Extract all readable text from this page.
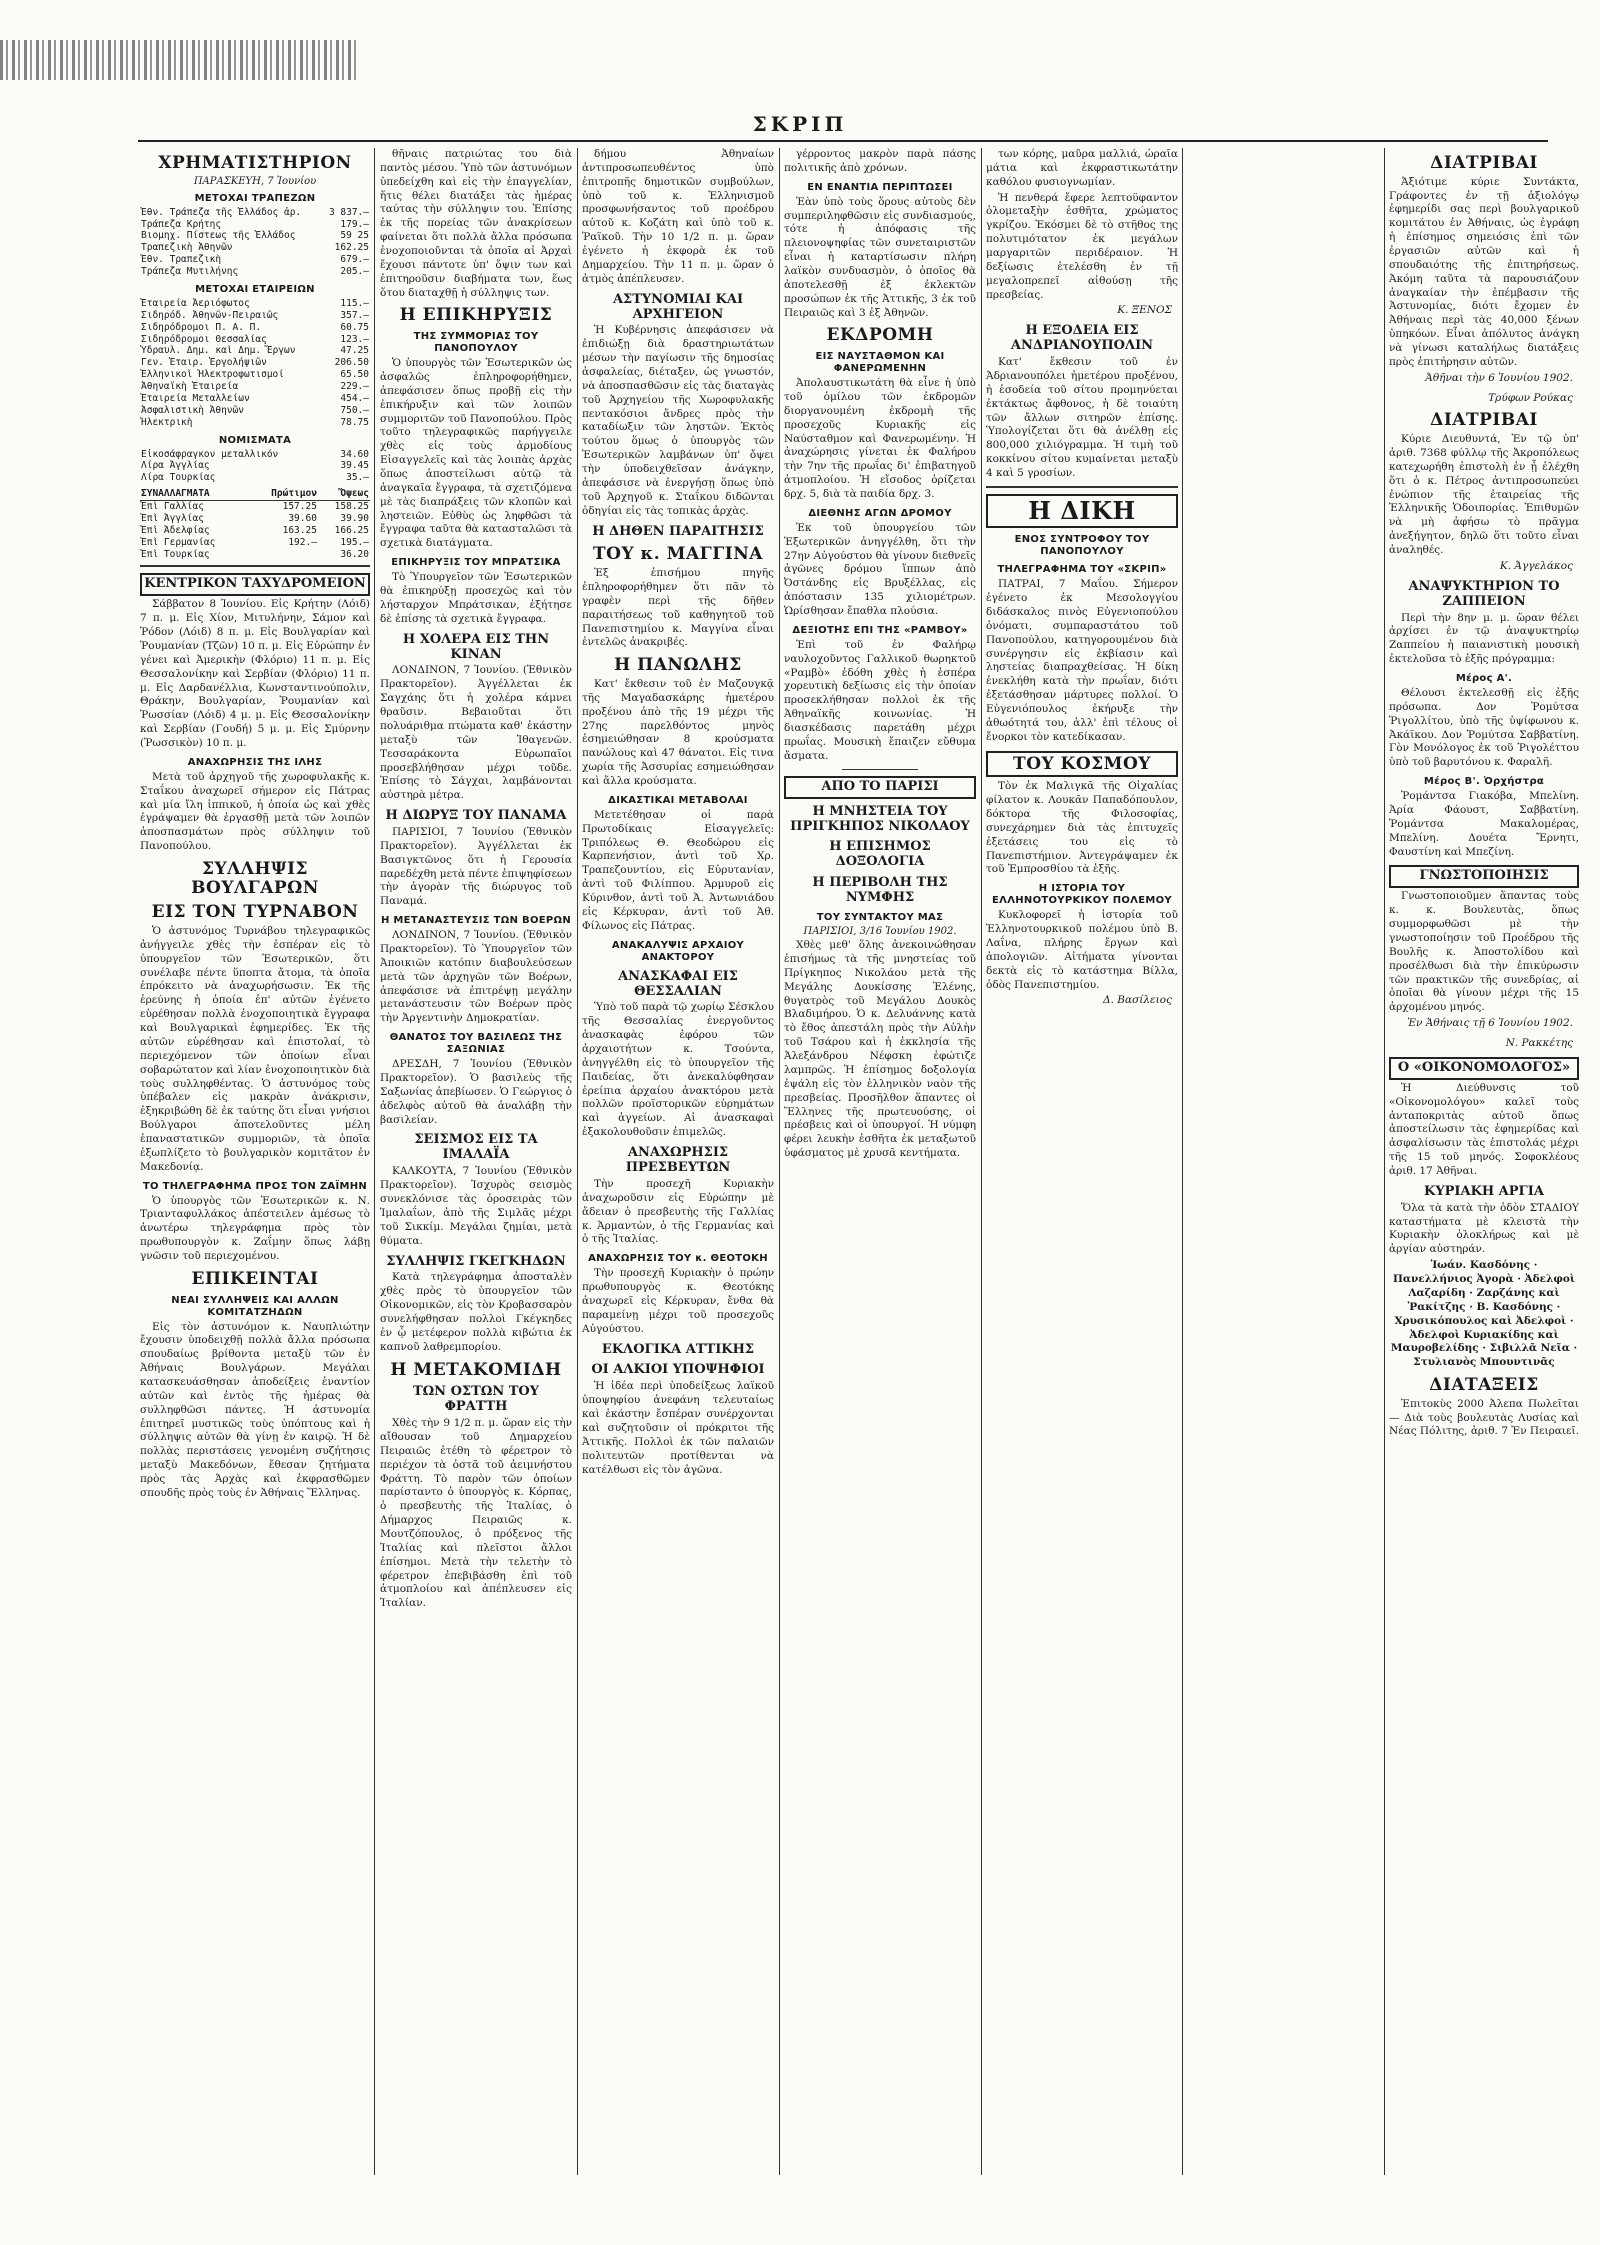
ΣΚΡΙΠ
ΧΡΗΜΑΤΙΣΤΗΡΙΟΝ
ΠΑΡΑΣΚΕΥΗ, 7 Ἰουνίου
ΜΕΤΟΧΑΙ ΤΡΑΠΕΖΩΝ
Ἐθν. Τράπεζα τῆς Ἑλλάδος ἀρ.	3 837.—
Τράπεζα Κρήτης	179.—
Βιομηχ. Πίστεως τῆς Ἑλλάδος	59 25
Τραπεζικὴ Ἀθηνῶν	162.25
Ἐθν. Τραπεζικὴ	679.—
Τράπεζα Μυτιλήνης	205.—
ΜΕΤΟΧΑΙ ΕΤΑΙΡΕΙΩΝ
Ἐταιρεία Ἀεριόφωτος	115.—
Σιδηρόδ. Ἀθηνῶν-Πειραιῶς	357.—
Σιδηρόδρομοι Π. Α. Π.	60.75
Σιδηρόδρομοι Θεσσαλίας	123.—
Ὑδραυλ. Δημ. καὶ Δημ. Ἔργων	47.25
Γεν. Ἑταιρ. Ἐργολήψιῶν	206.50
Ἑλληνικοὶ Ἠλεκτροφωτισμοί	65.50
Ἀθηναϊκὴ Ἐταιρεία	229.—
Ἐταιρεία Μεταλλείων	454.—
Ἀσφαλιστικὴ Ἀθηνῶν	750.—
Ἠλεκτρικὴ	78.75
ΝΟΜΙΣΜΑΤΑ
Εἰκοσάφραγκον μεταλλικόν	34.60
Λίρα Ἀγγλίας	39.45
Λίρα Τουρκίας	35.—
ΣΥΝΑΛΛΑΓΜΑΤΑ	Πρώτιμον	Ὄψεως
Ἐπὶ Γαλλίας	157.25	158.25
Ἐπὶ Ἀγγλίας	39.60	39.90
Ἐπὶ Ἀδελφίας	163.25	166.25
Ἐπὶ Γερμανίας	192.—	195.—
Ἐπὶ Τουρκίας		36.20
ΚΕΝΤΡΙΚΟΝ ΤΑΧΥΔΡΟΜΕΙΟΝ

Σάββατον 8 Ἰουνίου. Εἰς Κρήτην (Λόιδ) 7 π. μ. Εἰς Χίον, Μιτυλήνην, Σάμον καὶ Ῥόδον (Λόιδ) 8 π. μ. Εἰς Βουλγαρίαν καὶ Ῥουμανίαν (Τζῶν) 10 π. μ. Εἰς Εὐρώπην ἐν γένει καὶ Ἀμερικὴν (Φλόριο) 11 π. μ. Εἰς Θεσσαλονίκην καὶ Σερβίαν (Φλόριο) 11 π. μ. Εἰς Δαρδανέλλια, Κωνσταντινούπολιν, Θράκην, Βουλγαρίαν, Ῥουμανίαν καὶ Ῥωσσίαν (Λόιδ) 4 μ. μ. Εἰς Θεσσαλονίκην καὶ Σερβίαν (Γουδή) 5 μ. μ. Εἰς Σμύρνην (Ῥωσσικὸν) 10 π. μ.

ΑΝΑΧΩΡΗΣΙΣ ΤΗΣ ΙΛΗΣ

Μετὰ τοῦ ἀρχηγοῦ τῆς χωροφυλακῆς κ. Σταΐκου ἀναχωρεῖ σήμερον εἰς Πάτρας καὶ μία ἴλη ἱππικοῦ, ἡ ὁποία ὡς καὶ χθὲς ἐγράψαμεν θὰ ἐργασθῇ μετὰ τῶν λοιπῶν ἀποσπασμάτων πρὸς σύλληψιν τοῦ Πανοπούλου.

ΣΥΛΛΗΨΙΣ ΒΟΥΛΓΑΡΩΝ
ΕΙΣ ΤΟΝ ΤΥΡΝΑΒΟΝ

Ὁ ἀστυνόμος Τυρνάβου τηλεγραφικῶς ἀνήγγειλε χθὲς τὴν ἑσπέραν εἰς τὸ ὑπουργεῖον τῶν Ἐσωτερικῶν, ὅτι συνέλαβε πέντε ὕποπτα ἄτομα, τὰ ὁποῖα ἐπρόκειτο νὰ ἀναχωρήσωσιν. Ἐκ τῆς ἐρεύνης ἡ ὁποία ἐπ' αὐτῶν ἐγένετο εὑρέθησαν πολλὰ ἐνοχοποιητικὰ ἔγγραφα καὶ Βουλγαρικαὶ ἐφημερίδες. Ἐκ τῆς αὐτῶν εὑρέθησαν καὶ ἐπιστολαί, τὸ περιεχόμενον τῶν ὁποίων εἶναι σοβαρώτατον καὶ λίαν ἐνοχοποιητικὸν διὰ τοὺς συλληφθέντας. Ὁ ἀστυνόμος τοὺς ὑπέβαλεν εἰς μακρὰν ἀνάκρισιν, ἐξηκριβώθη δὲ ἐκ ταύτης ὅτι εἶναι γνήσιοι Βούλγαροι ἀποτελοῦντες μέλη ἐπαναστατικῶν συμμοριῶν, τὰ ὁποῖα ἐξωπλίζετο τὸ βουλγαρικὸν κομιτᾶτον ἐν Μακεδονίᾳ.

ΤΟ ΤΗΛΕΓΡΑΦΗΜΑ ΠΡΟΣ ΤΟΝ ΖΑΪΜΗΝ

Ὁ ὑπουργὸς τῶν Ἐσωτερικῶν κ. Ν. Τριανταφυλλάκος ἀπέστειλεν ἀμέσως τὸ ἀνωτέρω τηλεγράφημα πρὸς τὸν πρωθυπουργὸν κ. Ζαΐμην ὅπως λάβῃ γνῶσιν τοῦ περιεχομένου.

ΕΠΙΚΕΙΝΤΑΙ
ΝΕΑΙ ΣΥΛΛΗΨΕΙΣ ΚΑΙ ΑΛΛΩΝ ΚΟΜΙΤΑΤΖΗΔΩΝ

Εἰς τὸν ἀστυνόμον κ. Ναυπλιώτην ἔχουσιν ὑποδειχθῇ πολλὰ ἄλλα πρόσωπα σπουδαίως βρίθοντα μεταξὺ τῶν ἐν Ἀθήναις Βουλγάρων. Μεγάλαι κατασκευάσθησαν ἀποδείξεις ἐναντίον αὐτῶν καὶ ἐντὸς τῆς ἡμέρας θὰ συλληφθῶσι πάντες. Ἡ ἀστυνομία ἐπιτηρεῖ μυστικῶς τοὺς ὑπόπτους καὶ ἡ σύλληψις αὐτῶν θὰ γίνῃ ἐν καιρῷ. Ἡ δὲ πολλὰς περιστάσεις γενομένη συζήτησις μεταξὺ Μακεδόνων, ἔθεσαν ζητήματα πρὸς τὰς Ἀρχὰς καὶ ἐκφρασθῶμεν σπουδῆς πρὸς τοὺς ἐν Ἀθήναις Ἕλληνας.

θῆναις πατριώτας του διὰ παντὸς μέσου. Ὑπὸ τῶν ἀστυνόμων ὑπεδείχθη καὶ εἰς τὴν ἐπαγγελίαν, ἥτις θέλει διατάξει τὰς ἡμέρας ταύτας τὴν σύλληψιν του. Ἐπίσης ἐκ τῆς πορείας τῶν ἀνακρίσεων φαίνεται ὅτι πολλὰ ἄλλα πρόσωπα ἐνοχοποιοῦνται τὰ ὁποῖα αἱ Ἀρχαὶ ἔχουσι πάντοτε ὑπ' ὄψιν των καὶ ἐπιτηροῦσιν διαβήματα των, ἕως ὅτου διαταχθῇ ἡ σύλληψις των.

Η ΕΠΙΚΗΡΥΞΙΣ
ΤΗΣ ΣΥΜΜΟΡΙΑΣ ΤΟΥ ΠΑΝΟΠΟΥΛΟΥ

Ὁ ὑπουργὸς τῶν Ἐσωτερικῶν ὡς ἀσφαλῶς ἐπληροφορήθημεν, ἀπεφάσισεν ὅπως προβῇ εἰς τὴν ἐπικήρυξιν καὶ τῶν λοιπῶν συμμοριτῶν τοῦ Πανοπούλου. Πρὸς τοῦτο τηλεγραφικῶς παρήγγειλε χθὲς εἰς τοὺς ἀρμοδίους Εἰσαγγελεῖς καὶ τὰς λοιπὰς ἀρχὰς ὅπως ἀποστείλωσι αὐτῷ τὰ ἀναγκαῖα ἔγγραφα, τὰ σχετιζόμενα μὲ τὰς διαπράξεις τῶν κλοπῶν καὶ ληστειῶν. Εὐθὺς ὡς ληφθῶσι τὰ ἔγγραφα ταῦτα θὰ κατασταλῶσι τὰ σχετικὰ διατάγματα.

ΕΠΙΚΗΡΥΞΙΣ ΤΟΥ ΜΠΡΑΤΣΙΚΑ

Τὸ Ὑπουργεῖον τῶν Ἐσωτερικῶν θὰ ἐπικηρύξῃ προσεχῶς καὶ τὸν λήσταρχον Μπράτσικαν, ἐξήτησε δὲ ἐπίσης τὰ σχετικὰ ἔγγραφα.

Η ΧΟΛΕΡΑ ΕΙΣ ΤΗΝ ΚΙΝΑΝ

ΛΟΝΔΙΝΟΝ, 7 Ἰουνίου. (Ἐθνικὸν Πρακτορεῖον). Ἀγγέλλεται ἐκ Σαγχάης ὅτι ἡ χολέρα κάμνει θραῦσιν. Βεβαιοῦται ὅτι πολυάριθμα πτώματα καθ' ἑκάστην μεταξὺ τῶν Ἰθαγενῶν. Τεσσαράκοντα Εὐρωπαῖοι προσεβλήθησαν μέχρι τοῦδε. Ἐπίσης τὸ Σάγχαι, λαμβάνονται αὐστηρὰ μέτρα.

Η ΔΙΩΡΥΞ ΤΟΥ ΠΑΝΑΜΑ

ΠΑΡΙΣΙΟΙ, 7 Ἰουνίου (Ἐθνικὸν Πρακτορεῖον). Ἀγγέλλεται ἐκ Βασιγκτῶνος ὅτι ἡ Γερουσία παρεδέχθη μετὰ πέντε ἐπιψηφίσεων τὴν ἀγορὰν τῆς διώρυγος τοῦ Παναμά.

Η ΜΕΤΑΝΑΣΤΕΥΣΙΣ ΤΩΝ ΒΟΕΡΩΝ

ΛΟΝΔΙΝΟΝ, 7 Ἰουνίου. (Ἐθνικὸν Πρακτορεῖον). Τὸ Ὑπουργεῖον τῶν Ἀποικιῶν κατόπιν διαβουλεύσεων μετὰ τῶν ἀρχηγῶν τῶν Βοέρων, ἀπεφάσισε νὰ ἐπιτρέψῃ μεγάλην μετανάστευσιν τῶν Βοέρων πρὸς τὴν Ἀργεντινὴν Δημοκρατίαν.

ΘΑΝΑΤΟΣ ΤΟΥ ΒΑΣΙΛΕΩΣ ΤΗΣ ΣΑΞΩΝΙΑΣ

ΔΡΕΣΔΗ, 7 Ἰουνίου (Ἐθνικὸν Πρακτορεῖον). Ὁ βασιλεὺς τῆς Σαξωνίας ἀπεβίωσεν. Ὁ Γεώργιος ὁ ἀδελφὸς αὐτοῦ θὰ ἀναλάβῃ τὴν βασιλείαν.

ΣΕΙΣΜΟΣ ΕΙΣ ΤΑ ΙΜΑΛΑΪΑ

ΚΑΛΚΟΥΤΑ, 7 Ἰουνίου (Ἐθνικὸν Πρακτορεῖον). Ἰσχυρὸς σεισμὸς συνεκλόνισε τὰς ὀροσειρὰς τῶν Ἱμαλαΐων, ἀπὸ τῆς Σιμλᾶς μέχρι τοῦ Σικκίμ. Μεγάλαι ζημίαι, μετὰ θύματα.

ΣΥΛΛΗΨΙΣ ΓΚΕΓΚΗΔΩΝ

Κατὰ τηλεγράφημα ἀποσταλὲν χθὲς πρὸς τὸ ὑπουργεῖον τῶν Οἰκονομικῶν, εἰς τὸν Κροβασσαρὸν συνελήφθησαν πολλοὶ Γκέγκηδες ἐν ᾧ μετέφερον πολλὰ κιβώτια ἐκ καπνοῦ λαθρεμπορίου.

Η ΜΕΤΑΚΟΜΙΔΗ
ΤΩΝ ΟΣΤΩΝ ΤΟΥ ΦΡΑΤΤΗ

Χθὲς τὴν 9 1/2 π. μ. ὥραν εἰς τὴν αἴθουσαν τοῦ Δημαρχείου Πειραιῶς ἐτέθη τὸ φέρετρον τὸ περιέχον τὰ ὀστᾶ τοῦ ἀειμνήστου Φράττη. Τὸ παρὸν τῶν ὁποίων παρίσταντο ὁ ὑπουργὸς κ. Κόρπας, ὁ πρεσβευτὴς τῆς Ἰταλίας, ὁ Δήμαρχος Πειραιῶς κ. Μουτζόπουλος, ὁ πρόξενος τῆς Ἰταλίας καὶ πλεῖστοι ἄλλοι ἐπίσημοι. Μετὰ τὴν τελετὴν τὸ φέρετρον ἐπεβιβάσθη ἐπὶ τοῦ ἀτμοπλοίου καὶ ἀπέπλευσεν εἰς Ἰταλίαν.

δήμου Ἀθηναίων ἀντιπροσωπευθέντος ὑπὸ ἐπιτροπῆς δημοτικῶν συμβούλων, ὑπὸ τοῦ κ. Ἑλληνισμοῦ προσφωνήσαντος τοῦ προέδρου αὐτοῦ κ. Κοζάτη καὶ ὑπὸ τοῦ κ. Ῥαϊκοῦ. Τὴν 10 1/2 π. μ. ὥραν ἐγένετο ἡ ἐκφορὰ ἐκ τοῦ Δημαρχείου. Τὴν 11 π. μ. ὥραν ὁ ἀτμὸς ἀπέπλευσεν.

ΑΣΤΥΝΟΜΙΑΙ ΚΑΙ ΑΡΧΗΓΕΙΟΝ

Ἡ Κυβέρνησις ἀπεφάσισεν νὰ ἐπιδιώξῃ διὰ δραστηριωτάτων μέσων τὴν παγίωσιν τῆς δημοσίας ἀσφαλείας, διέταξεν, ὡς γνωστόν, νὰ ἀποσπασθῶσιν εἰς τὰς διαταγὰς τοῦ Ἀρχηγείου τῆς Χωροφυλακῆς πεντακόσιοι ἄνδρες πρὸς τὴν καταδίωξιν τῶν ληστῶν. Ἐκτὸς τούτου ὅμως ὁ ὑπουργὸς τῶν Ἐσωτερικῶν λαμβάνων ὑπ' ὄψει τὴν ὑποδειχθεῖσαν ἀνάγκην, ἀπεφάσισε νὰ ἐνεργήσῃ ὅπως ὑπὸ τοῦ Ἀρχηγοῦ κ. Σταΐκου διδῶνται ὁδηγίαι εἰς τὰς τοπικὰς ἀρχὰς.

Η ΔΗΘΕΝ ΠΑΡΑΙΤΗΣΙΣ
ΤΟΥ κ. ΜΑΓΓΙΝΑ

Ἐξ ἐπισήμου πηγῆς ἐπληροφορήθημεν ὅτι πᾶν τὸ γραφὲν περὶ τῆς δῆθεν παραιτήσεως τοῦ καθηγητοῦ τοῦ Πανεπιστημίου κ. Μαγγίνα εἶναι ἐντελῶς ἀνακριβές.

Η ΠΑΝΩΛΗΣ

Κατ' ἔκθεσιν τοῦ ἐν Μαζουγκᾷ τῆς Μαγαδασκάρης ἡμετέρου προξένου ἀπὸ τῆς 19 μέχρι τῆς 27ης παρελθόντος μηνὸς ἐσημειώθησαν 8 κρούσματα πανώλους καὶ 47 θάνατοι. Εἰς τινα χωρία τῆς Ἀσσυρίας εσημειώθησαν καὶ ἄλλα κρούσματα.

ΔΙΚΑΣΤΙΚΑΙ ΜΕΤΑΒΟΛΑΙ

Μετετέθησαν οἱ παρὰ Πρωτοδίκαις Εἰσαγγελεῖς: Τριπόλεως Θ. Θεοδώρου εἰς Καρπενήσιον, ἀντὶ τοῦ Χρ. Τραπεζουντίου, εἰς Εὐρυτανίαν, ἀντὶ τοῦ Φιλίππου. Ἀρμυροῦ εἰς Κύρινθον, ἀντὶ τοῦ Ἀ. Ἀντωνιάδου εἰς Κέρκυραν, ἀντὶ τοῦ Ἀθ. Φίλωνος εἰς Πάτρας.

ΑΝΑΚΑΛΥΨΙΣ ΑΡΧΑΙΟΥ ΑΝΑΚΤΟΡΟΥ
ΑΝΑΣΚΑΦΑΙ ΕΙΣ ΘΕΣΣΑΛΙΑΝ

Ὑπὸ τοῦ παρὰ τῷ χωρίῳ Σέσκλου τῆς Θεσσαλίας ἐνεργοῦντος ἀνασκαφὰς ἐφόρου τῶν ἀρχαιοτήτων κ. Τσούντα, ἀνηγγέλθη εἰς τὸ ὑπουργεῖον τῆς Παιδείας, ὅτι ἀνεκαλύφθησαν ἐρείπια ἀρχαίου ἀνακτόρου μετὰ πολλῶν προϊστορικῶν εὑρημάτων καὶ ἀγγείων. Αἱ ἀνασκαφαὶ ἐξακολουθοῦσιν ἐπιμελῶς.

ΑΝΑΧΩΡΗΣΙΣ ΠΡΕΣΒΕΥΤΩΝ

Τὴν προσεχῆ Κυριακὴν ἀναχωροῦσιν εἰς Εὐρώπην μὲ ἄδειαν ὁ πρεσβευτὴς τῆς Γαλλίας κ. Ἀρμαντὼν, ὁ τῆς Γερμανίας καὶ ὁ τῆς Ἰταλίας.

ΑΝΑΧΩΡΗΣΙΣ ΤΟΥ κ. ΘΕΟΤΟΚΗ

Τὴν προσεχῆ Κυριακὴν ὁ πρώην πρωθυπουργὸς κ. Θεοτόκης ἀναχωρεῖ εἰς Κέρκυραν, ἔνθα θὰ παραμείνῃ μέχρι τοῦ προσεχοῦς Αὐγούστου.

ΕΚΛΟΓΙΚΑ ΑΤΤΙΚΗΣ
ΟΙ ΑΛΚΙΟΙ ΥΠΟΨΗΦΙΟΙ

Ἡ ἰδέα περὶ ὑποδείξεως λαϊκοῦ ὑποψηφίου ἀνεφάνη τελευταίως καὶ ἑκάστην ἔσπέραν συνέρχονται καὶ συζητοῦσιν οἱ πρόκριτοι τῆς Ἀττικῆς. Πολλοὶ ἐκ τῶν παλαιῶν πολιτευτῶν προτίθενται νὰ κατέλθωσι εἰς τὸν ἀγῶνα.

γέρροντος μακρὸν παρὰ πάσης πολιτικῆς ἀπὸ χρόνων.

ΕΝ ΕΝΑΝΤΙΑ ΠΕΡΙΠΤΩΣΕΙ

Ἐὰν ὑπὸ τοὺς ὅρους αὐτοὺς δὲν συμπεριληφθῶσιν εἰς συνδιασμούς, τότε ἡ ἀπόφασις τῆς πλειονοψηφίας τῶν συνεταιριστῶν εἶναι ἡ καταρτίσωσιν πλήρη λαϊκὸν συνδυασμὸν, ὁ ὁποῖος θὰ ἀποτελεσθῇ ἐξ ἐκλεκτῶν προσώπων ἐκ τῆς Ἀττικῆς, 3 ἐκ τοῦ Πειραιῶς καὶ 3 ἐξ Ἀθηνῶν.

ΕΚΔΡΟΜΗ
ΕΙΣ ΝΑΥΣΤΑΘΜΟΝ ΚΑΙ ΦΑΝΕΡΩΜΕΝΗΝ

Ἀπολαυστικωτάτη θὰ εἶνε ἡ ὑπὸ τοῦ ὁμίλου τῶν ἐκδρομῶν διοργανουμένη ἐκδρομὴ τῆς προσεχοῦς Κυριακῆς εἰς Ναύσταθμον καὶ Φανερωμένην. Ἡ ἀναχώρησις γίνεται ἐκ Φαλήρου τὴν 7ην τῆς πρωΐας δι' ἐπιβατηγοῦ ἀτμοπλοίου. Ἡ εἴσοδος ὁρίζεται δρχ. 5, διὰ τὰ παιδία δρχ. 3.

ΔΙΕΘΝΗΣ ΑΓΩΝ ΔΡΟΜΟΥ

Ἐκ τοῦ ὑπουργείου τῶν Ἐξωτερικῶν ἀνηγγέλθη, ὅτι τὴν 27ην Αὐγούστου θὰ γίνουν διεθνεῖς ἀγῶνες δρόμου ἵππων ἀπὸ Ὀστάνδης εἰς Βρυξέλλας, εἰς ἀπόστασιν 135 χιλιομέτρων. Ὡρίσθησαν ἔπαθλα πλούσια.

ΔΕΞΙΟΤΗΣ ΕΠΙ ΤΗΣ «ΡΑΜΒΟΥ»

Ἐπὶ τοῦ ἐν Φαλήρῳ ναυλοχοῦντος Γαλλικοῦ θωρηκτοῦ «Ραμβὸ» ἐδόθη χθὲς ἡ ἑσπέρα χορευτικὴ δεξίωσις εἰς τὴν ὁποίαν προσεκλήθησαν πολλοὶ ἐκ τῆς Ἀθηναϊκῆς κοινωνίας. Ἡ διασκέδασις παρετάθη μέχρι πρωΐας. Μουσικὴ ἔπαιζεν εὔθυμα ἄσματα.

ΑΠΟ ΤΟ ΠΑΡΙΣΙ
Η ΜΝΗΣΤΕΙΑ ΤΟΥ ΠΡΙΓΚΗΠΟΣ ΝΙΚΟΛΑΟΥ
Η ΕΠΙΣΗΜΟΣ ΔΟΞΟΛΟΓΙΑ
Η ΠΕΡΙΒΟΛΗ ΤΗΣ ΝΥΜΦΗΣ
ΤΟΥ ΣΥΝΤΑΚΤΟΥ ΜΑΣ
ΠΑΡΙΣΙΟΙ, 3/16 Ἰουνίου 1902.

Χθὲς μεθ' ὅλης ἀνεκοινώθησαν ἐπισήμως τὰ τῆς μνηστείας τοῦ Πρίγκηπος Νικολάου μετὰ τῆς Μεγάλης Δουκίσσης Ἑλένης, θυγατρὸς τοῦ Μεγάλου Δουκὸς Βλαδιμήρου. Ὁ κ. Δελυάννης κατὰ τὸ ἔθος ἀπεστάλη πρὸς τὴν Αὐλὴν τοῦ Τσάρου καὶ ἡ ἐκκλησία τῆς Ἀλεξάνδρου Νέφσκη ἐφώτιζε λαμπρῶς. Ἡ ἐπίσημος δοξολογία ἐψάλη εἰς τὸν ἑλληνικὸν ναὸν τῆς πρεσβείας. Προσῆλθον ἅπαντες οἱ Ἕλληνες τῆς πρωτευούσης, οἱ πρέσβεις καὶ οἱ ὑπουργοί. Ἡ νύμφη φέρει λευκὴν ἐσθῆτα ἐκ μεταξωτοῦ ὑφάσματος μὲ χρυσᾶ κεντήματα.

των κόρης, μαῦρα μαλλιά, ὡραῖα μάτια καὶ ἐκφραστικωτάτην καθόλου φυσιογνωμίαν.

Ἡ πενθερά ἔφερε λεπτοϋφαντον ὁλομεταξὴν ἐσθῆτα, χρώματος γκρίζου. Ἐκόσμει δὲ τὸ στῆθος της πολυτιμότατον ἐκ μεγάλων μαργαριτῶν περιδέραιον. Ἡ δεξίωσις ἐτελέσθη ἐν τῇ μεγαλοπρεπεῖ αἰθούσῃ τῆς πρεσβείας.

Κ. ΞΕΝΟΣ
Η ΕΞΟΔΕΙΑ ΕΙΣ ΑΝΔΡΙΑΝΟΥΠΟΛΙΝ

Κατ' ἔκθεσιν τοῦ ἐν Ἀδριανουπόλει ἡμετέρου προξένου, ἡ ἐσοδεία τοῦ σίτου προμηνύεται ἐκτάκτως ἄφθονος, ἡ δὲ τοιαύτη τῶν ἄλλων σιτηρῶν ἐπίσης. Ὑπολογίζεται ὅτι θὰ ἀνέλθῃ εἰς 800,000 χιλιόγραμμα. Ἡ τιμὴ τοῦ κοκκίνου σίτου κυμαίνεται μεταξὺ 4 καὶ 5 γροσίων.

Η ΔΙΚΗ
ΕΝΟΣ ΣΥΝΤΡΟΦΟΥ ΤΟΥ ΠΑΝΟΠΟΥΛΟΥ
ΤΗΛΕΓΡΑΦΗΜΑ ΤΟΥ «ΣΚΡΙΠ»

ΠΑΤΡΑΙ, 7 Μαΐου. Σήμερον ἐγένετο ἐκ Μεσολογγίου διδάσκαλος πινὸς Εὐγενιοπούλου ὀνόματι, συμπαραστάτου τοῦ Πανοπούλου, κατηγορουμένου διὰ συνέργησιν εἰς ἐκβίασιν καὶ ληστείας διαπραχθείσας. Ἡ δίκη ἐνεκλήθη κατὰ τὴν πρωΐαν, διότι ἐξετάσθησαν μάρτυρες πολλοί. Ὁ Εὐγενιόπουλος ἐκήρυξε τὴν ἀθωότητά του, ἀλλ' ἐπὶ τέλους οἱ ἔνορκοι τὸν κατεδίκασαν.

ΤΟΥ ΚΟΣΜΟΥ

Τὸν ἐκ Μαλιγκᾶ τῆς Οἰχαλίας φίλατον κ. Λουκᾶν Παπαδόπουλον, δόκτορα τῆς Φιλοσοφίας, συνεχάρημεν διὰ τὰς ἐπιτυχεῖς ἐξετάσεις του εἰς τὸ Πανεπιστήμιον. Ἀντεγράψαμεν ἐκ τοῦ Ἐμπροσθίου τὰ ἑξῆς.

Η ΙΣΤΟΡΙΑ ΤΟΥ ΕΛΛΗΝΟΤΟΥΡΚΙΚΟΥ ΠΟΛΕΜΟΥ

Κυκλοφορεῖ ἡ ἱστορία τοῦ Ἑλληνοτουρκικοῦ πολέμου ὑπὸ Β. Λαΐνα, πλήρης ἔργων καὶ ἀπολογιῶν. Αἰτήματα γίνονται δεκτὰ εἰς τὸ κατάστημα Βίλλα, ὁδὸς Πανεπιστημίου.

Δ. Βασίλειος
ΔΙΑΤΡΙΒΑΙ

Ἀξιότιμε κύριε Συντάκτα, Γράφοντες ἐν τῇ ἀξιολόγῳ ἐφημερίδι σας περὶ βουλγαρικοῦ κομιτάτου ἐν Ἀθήναις, ὡς ἐγράφη ἡ ἐπίσημος σημειόσις ἐπὶ τῶν ἐργασιῶν αὐτῶν καὶ ἡ σπουδαιότης τῆς ἐπιτηρήσεως. Ἀκόμη ταῦτα τὰ παρουσιάζουν ἀναγκαίαν τὴν ἐπέμβασιν τῆς Ἀστυνομίας, διότι ἔχομεν ἐν Ἀθήναις περὶ τὰς 40,000 ξένων ὑπηκόων. Εἶναι ἀπόλυτος ἀνάγκη νὰ γίνωσι καταλήλως διατάξεις πρὸς ἐπιτήρησιν αὐτῶν.

Ἀθῆναι τὴν 6 Ἰουνίου 1902.
Τρύφων Ρούκας
ΔΙΑΤΡΙΒΑΙ

Κύριε Διευθυντά, Ἐν τῷ ὑπ' ἀριθ. 7368 φύλλῳ τῆς Ἀκροπόλεως κατεχωρήθη ἐπιστολὴ ἐν ᾗ ἐλέχθη ὅτι ὁ κ. Πέτρος ἀντιπροσωπεύει ἐνώπιον τῆς ἐταιρείας τῆς Ἑλληνικῆς Ὁδοιπορίας. Ἐπιθυμῶν νὰ μὴ ἀφήσω τὸ πρᾶγμα ἀνεξήγητον, δηλῶ ὅτι τοῦτο εἶναι ἀναληθές.

Κ. Ἀγγελάκος
ΑΝΑΨΥΚΤΗΡΙΟΝ ΤΟ ΖΑΠΠΕΙΟΝ

Περὶ τὴν 8ην μ. μ. ὥραν θέλει ἀρχίσει ἐν τῷ ἀναψυκτηρίῳ Ζαππείου ἡ παιανιστικὴ μουσικὴ ἐκτελοῦσα τὸ ἑξῆς πρόγραμμα:

Μέρος Α'.

Θέλουσι ἐκτελεσθῇ εἰς ἐξῆς πρόσωπα. Δον Ῥομύτσα Ῥιγολλίτου, ὑπὸ τῆς ὑψίφωνου κ. Ἀκάϊκου. Δον Ῥομύτσα Σαββατίνη. Γὸν Μονόλογος ἐκ τοῦ Ῥιγολέττου ὑπὸ τοῦ βαρυτόνου κ. Φαραλῆ.

Μέρος Β'. Ὀρχήστρα

Ῥομάντσα Γιακόβα, Μπελίνη. Ἀρία Φάουστ, Σαββατίνη. Ῥομάντσα Μακαλομέρας, Μπελίνη. Δουέτα Ἔρνητι, Φαυστίνη καὶ Μπεζίνη.

ΓΝΩΣΤΟΠΟΙΗΣΙΣ

Γνωστοποιοῦμεν ἅπαντας τοὺς κ. κ. Βουλευτὰς, ὅπως συμμορφωθῶσι μὲ τὴν γνωστοποίησιν τοῦ Προέδρου τῆς Βουλῆς κ. Ἀποστολίδου καὶ προσέλθωσι διὰ τὴν ἐπικύρωσιν τῶν πρακτικῶν τῆς συνεδρίας, αἱ ὁποῖαι θὰ γίνουν μέχρι τῆς 15 ἀρχομένου μηνός.

Ἐν Ἀθήναις τῇ 6 Ἰουνίου 1902.
Ν. Ρακκέτης
Ο «ΟΙΚΟΝΟΜΟΛΟΓΟΣ»

Ἡ Διεύθυνσις τοῦ «Οἰκονομολόγου» καλεῖ τοὺς ἀνταποκριτὰς αὐτοῦ ὅπως ἀποστείλωσιν τὰς ἐφημερίδας καὶ ἀσφαλίσωσιν τὰς ἐπιστολάς μέχρι τῆς 15 τοῦ μηνός. Σοφοκλέους ἀριθ. 17 Ἀθῆναι.

ΚΥΡΙΑΚΗ ΑΡΓΙΑ

Ὅλα τὰ κατὰ τὴν ὁδὸν ΣΤΑΔΙΟΥ καταστήματα μὲ κλειστὰ τὴν Κυριακὴν ὁλοκλήρως καὶ μὲ ἀργίαν αὐστηράν.

Ἰωάν. Κασδόνης · Πανελλήνιος Ἀγορὰ · Ἀδελφοὶ Λαζαρίδη · Ζαρζάνης καὶ Ῥακίτζης · Β. Κασδόνης · Χρυσικόπουλος καὶ Ἀδελφοὶ · Ἀδελφοὶ Κυριακίδης καὶ Μαυροβελίδης · Σιβιλλᾶ Νεῖα · Στυλιανὸς Μπουντινᾶς

ΔΙΑΤΑΞΕΙΣ

Ἐπιτοκὺς 2000 Ἀλεπα Πωλεῖται — Διὰ τοὺς βουλευτὰς Λυσίας καὶ Νέας Πόλιτης, ἀριθ. 7 Ἐν Πειραιεῖ.
